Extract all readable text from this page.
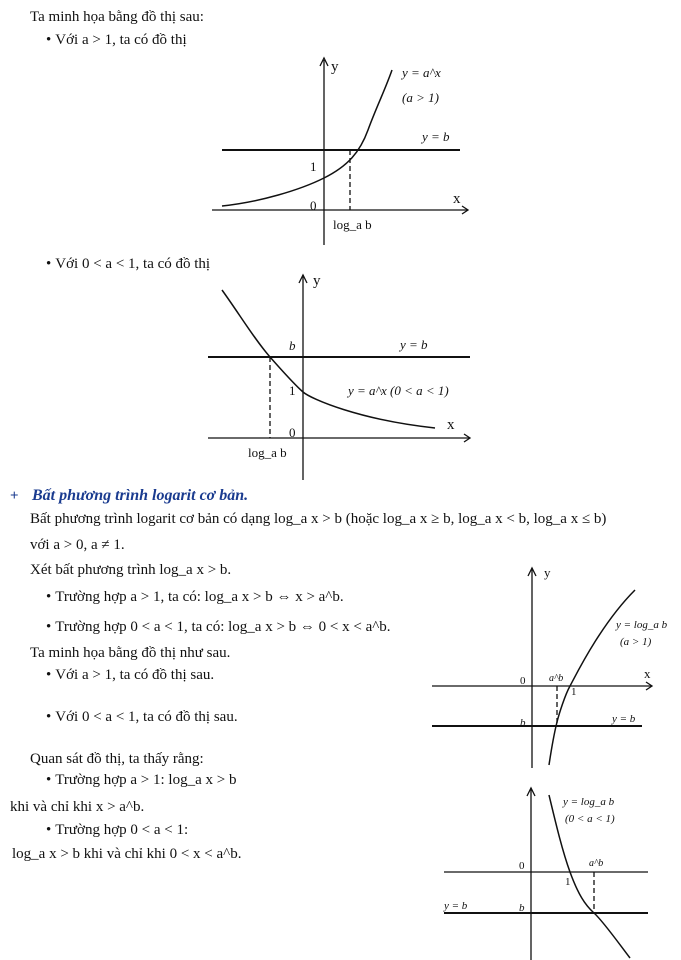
Ta minh họa bằng đồ thị sau:
• Với a > 1, ta có đồ thị
y
x
y = a^x
(a > 1)
y = b
1
0
log_a b
• Với 0 < a < 1, ta có đồ thị
y
x
b	y = b
1	y = a^x (0 < a < 1)
0
log_a b
+ Bất phương trình logarit cơ bản.
Bất phương trình logarit cơ bản có dạng log_a x > b (hoặc log_a x ≥ b, log_a x < b, log_a x ≤ b)
với a > 0, a ≠ 1.
Xét bất phương trình log_a x > b.
• Trường hợp a > 1, ta có: log_a x > b ⇔ x > a^b.
• Trường hợp 0 < a < 1, ta có: log_a x > b ⇔ 0 < x < a^b.
Ta minh họa bằng đồ thị như sau.
• Với a > 1, ta có đồ thị sau.
• Với 0 < a < 1, ta có đồ thị sau.
Quan sát đồ thị, ta thấy rằng:
• Trường hợp a > 1: log_a x > b
khi và chỉ khi x > a^b.
• Trường hợp 0 < a < 1:
log_a x > b khi và chỉ khi 0 < x < a^b.
y
x
y = log_a b
(a > 1)
0 a^b
1
b	y = b
y = log_a b
(0 < a < 1)
0	a^b
1
y = b	b
